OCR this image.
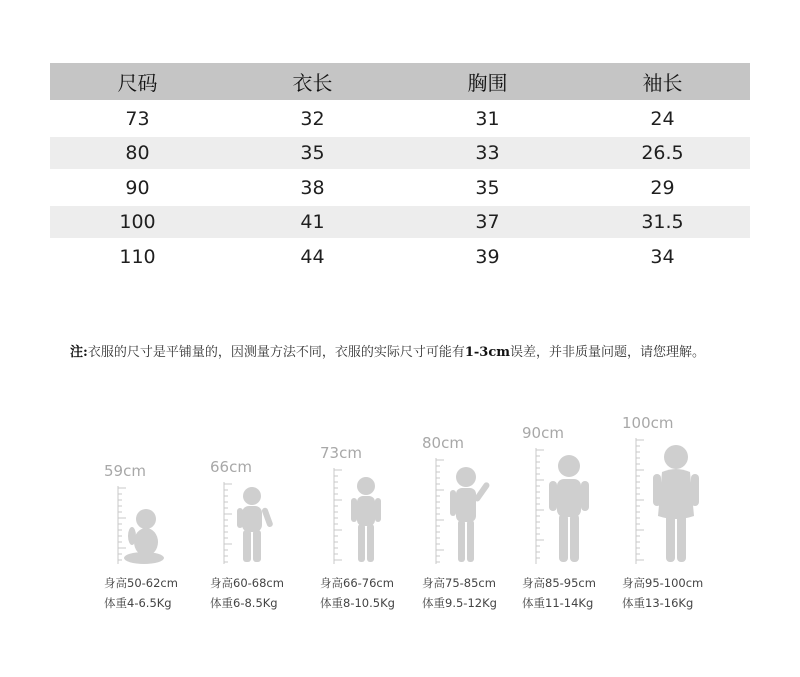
尺码	衣长	胸围	袖长
73	32	31	24
80	35	33	26.5
90	38	35	29
100	41	37	31.5
110	44	39	34
注:衣服的尺寸是平铺量的，因测量方法不同，衣服的实际尺寸可能有1-3cm误差，并非质量问题，请您理解。
59cm
身高50-62cm
体重4-6.5Kg
66cm
身高60-68cm
体重6-8.5Kg
73cm
身高66-76cm
体重8-10.5Kg
80cm
身高75-85cm
体重9.5-12Kg
90cm
身高85-95cm
体重11-14Kg
100cm
身高95-100cm
体重13-16Kg
